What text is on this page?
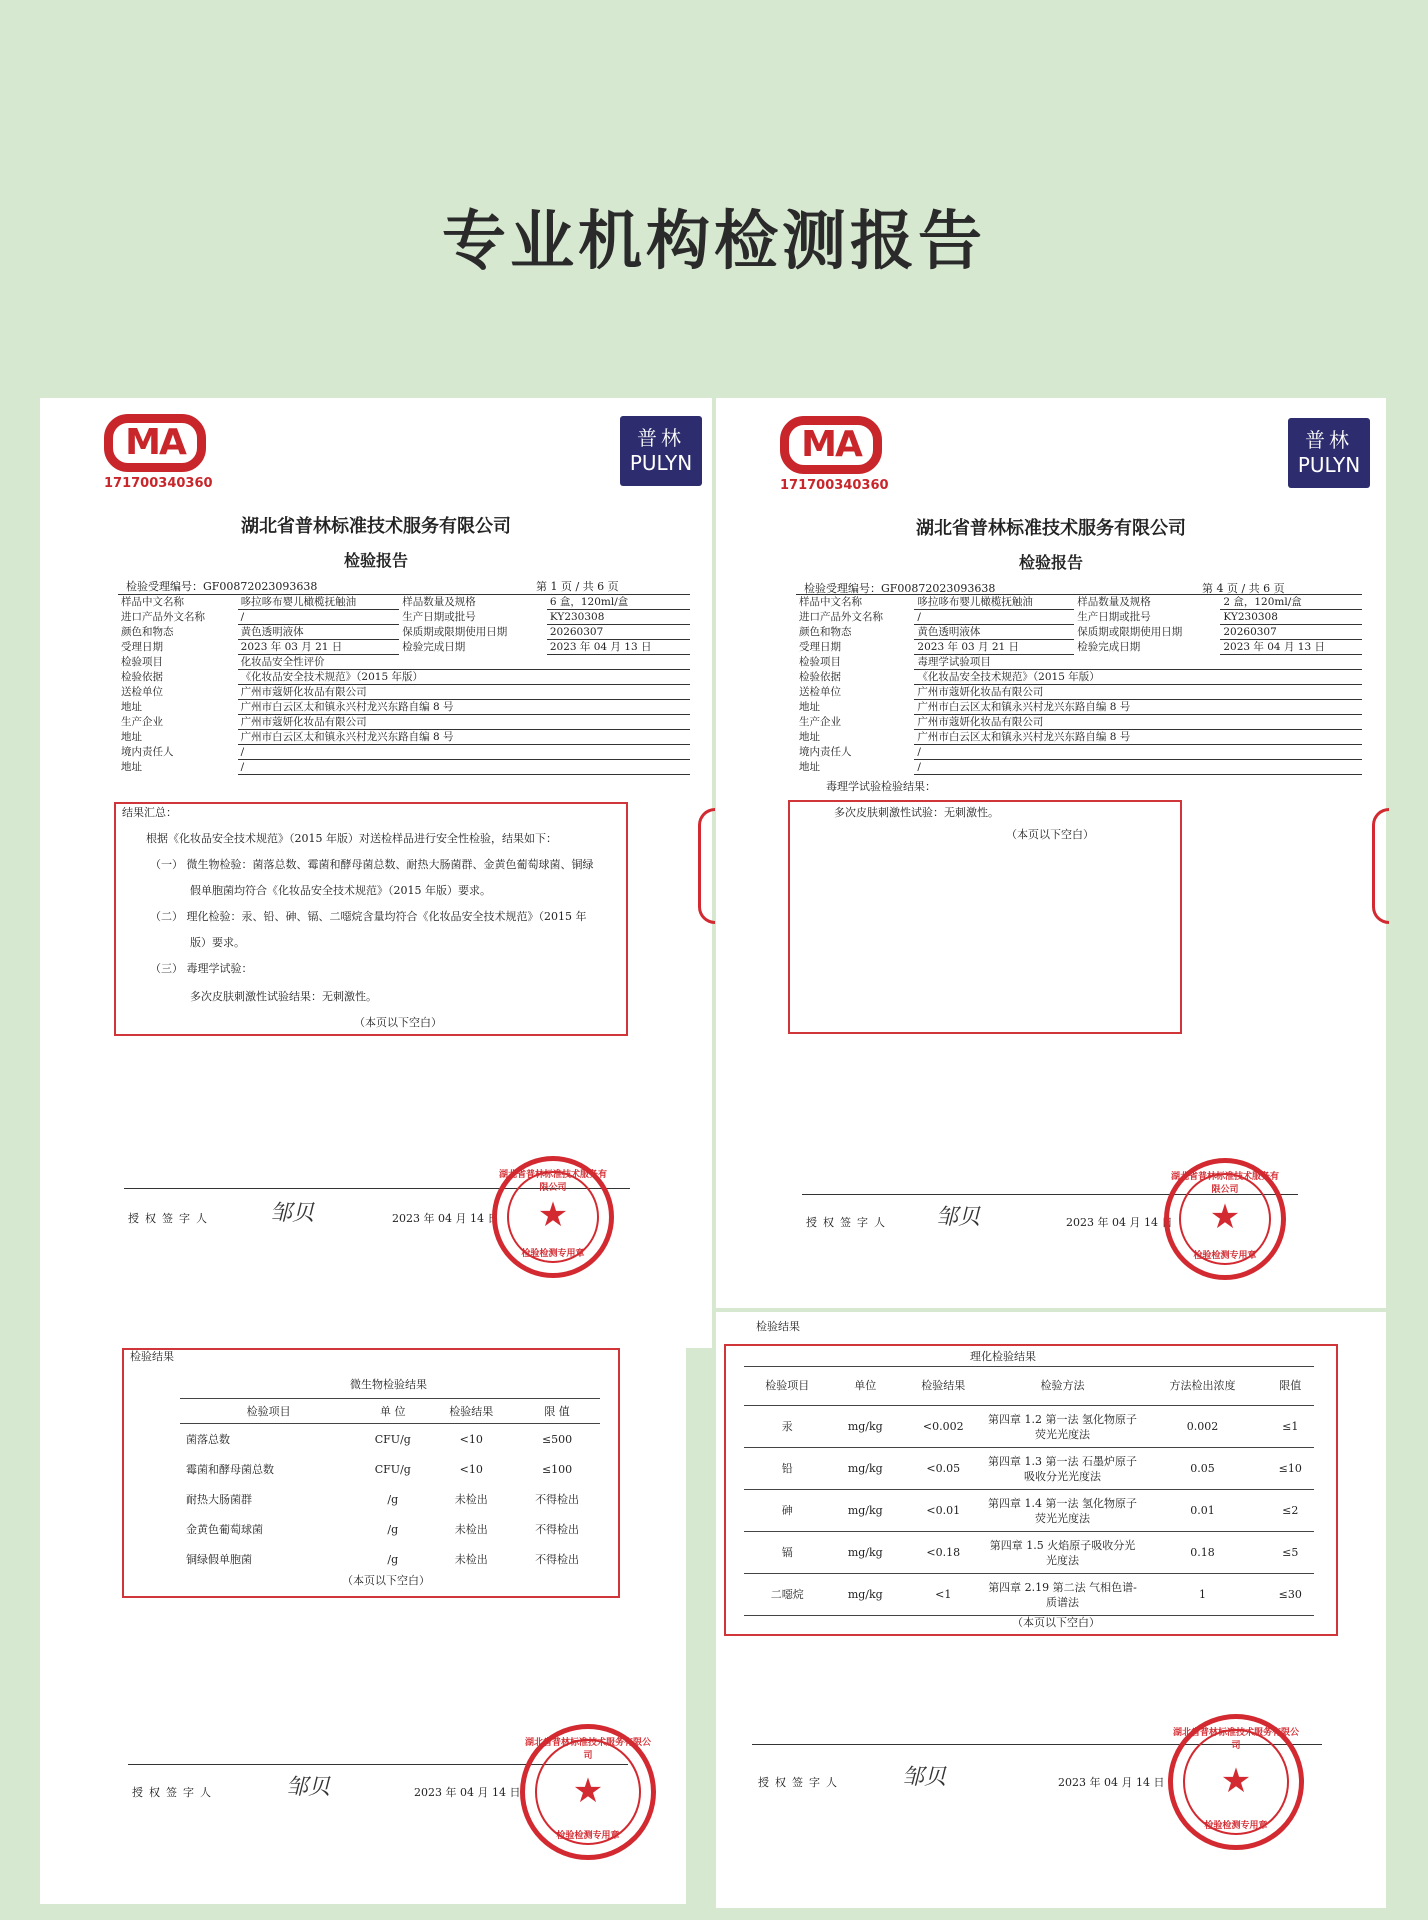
专业机构检测报告
MA
171700340360
普林
PULYN
湖北省普林标准技术服务有限公司
检验报告
检验受理编号：GF00872023093638	第 1 页 / 共 6 页
样品中文名称	哆拉哆布婴儿橄榄抚触油	样品数量及规格	6 盒，120ml/盒
进口产品外文名称	/	生产日期或批号	KY230308
颜色和物态	黄色透明液体	保质期或限期使用日期	20260307
受理日期	2023 年 03 月 21 日	检验完成日期	2023 年 04 月 13 日
检验项目	化妆品安全性评价		
检验依据	《化妆品安全技术规范》（2015 年版）		
送检单位	广州市蔻妍化妆品有限公司		
地址	广州市白云区太和镇永兴村龙兴东路自编 8 号		
生产企业	广州市蔻妍化妆品有限公司		
地址	广州市白云区太和镇永兴村龙兴东路自编 8 号		
境内责任人	/		
地址	/		
结果汇总：
根据《化妆品安全技术规范》（2015 年版）对送检样品进行安全性检验，结果如下：
（一） 微生物检验：菌落总数、霉菌和酵母菌总数、耐热大肠菌群、金黄色葡萄球菌、铜绿
假单胞菌均符合《化妆品安全技术规范》（2015 年版）要求。
（二） 理化检验：汞、铅、砷、镉、二噁烷含量均符合《化妆品安全技术规范》（2015 年
版）要求。
（三） 毒理学试验：
多次皮肤刺激性试验结果：无刺激性。
（本页以下空白）
授权签字人	邹贝	2023 年 04 月 14 日
湖北省普林标准技术服务有限公司
★
检验检测专用章
MA
171700340360
普林
PULYN
湖北省普林标准技术服务有限公司
检验报告
检验受理编号：GF00872023093638	第 4 页 / 共 6 页
样品中文名称	哆拉哆布婴儿橄榄抚触油	样品数量及规格	2 盒，120ml/盒
进口产品外文名称	/	生产日期或批号	KY230308
颜色和物态	黄色透明液体	保质期或限期使用日期	20260307
受理日期	2023 年 03 月 21 日	检验完成日期	2023 年 04 月 13 日
检验项目	毒理学试验项目		
检验依据	《化妆品安全技术规范》（2015 年版）		
送检单位	广州市蔻妍化妆品有限公司		
地址	广州市白云区太和镇永兴村龙兴东路自编 8 号		
生产企业	广州市蔻妍化妆品有限公司		
地址	广州市白云区太和镇永兴村龙兴东路自编 8 号		
境内责任人	/		
地址	/		
毒理学试验检验结果：
多次皮肤刺激性试验：无刺激性。
（本页以下空白）
授权签字人 邹贝	2023 年 04 月 14 日
湖北省普林标准技术服务有限公司
★
检验检测专用章
检验结果
微生物检验结果
检验项目	单 位	检验结果	限 值
菌落总数	CFU/g	<10	≤500
霉菌和酵母菌总数	CFU/g	<10	≤100
耐热大肠菌群	/g	未检出	不得检出
金黄色葡萄球菌	/g	未检出	不得检出
铜绿假单胞菌	/g	未检出	不得检出
（本页以下空白）
授权签字人	邹贝	2023 年 04 月 14 日
湖北省普林标准技术服务有限公司
★
检验检测专用章
检验结果
理化检验结果
检验项目	单位	检验结果	检验方法	方法检出浓度	限值
汞	mg/kg	<0.002	第四章 1.2 第一法 氢化物原子荧光光度法	0.002	≤1
铅	mg/kg	<0.05	第四章 1.3 第一法 石墨炉原子吸收分光光度法	0.05	≤10
砷	mg/kg	<0.01	第四章 1.4 第一法 氢化物原子荧光光度法	0.01	≤2
镉	mg/kg	<0.18	第四章 1.5 火焰原子吸收分光光度法	0.18	≤5
二噁烷	mg/kg	<1	第四章 2.19 第二法 气相色谱-质谱法	1	≤30
（本页以下空白）
授权签字人	邹贝	2023 年 04 月 14 日
湖北省普林标准技术服务有限公司
★
检验检测专用章
